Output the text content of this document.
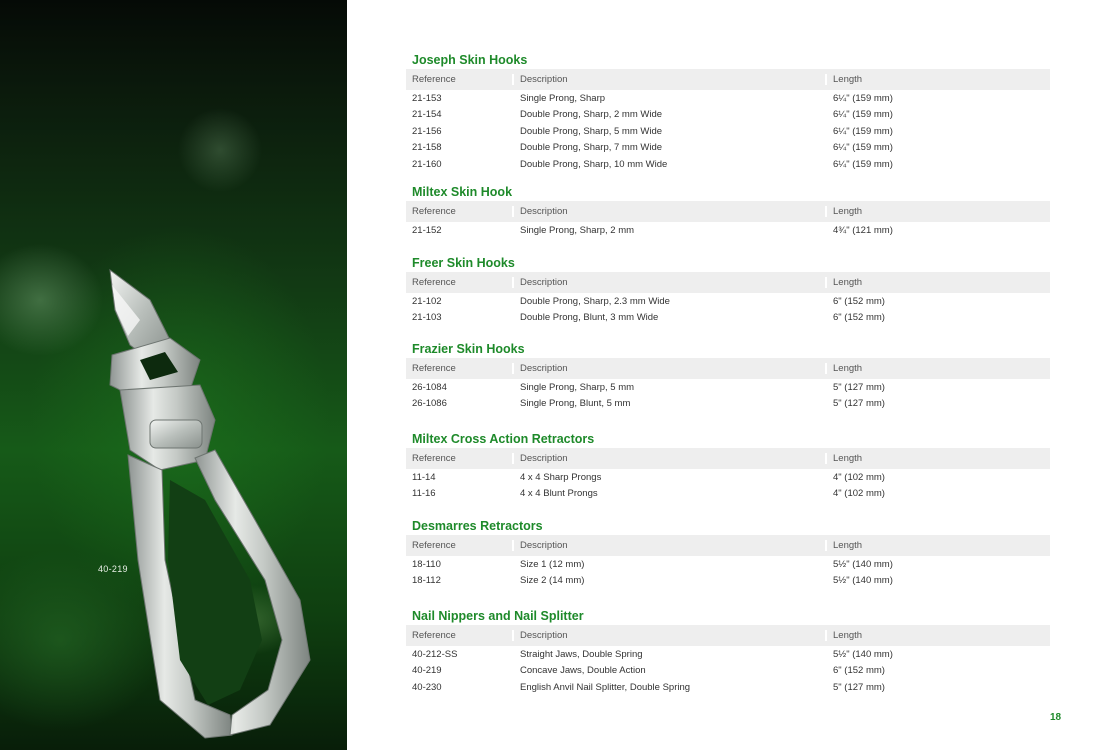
40-219
Joseph Skin Hooks
Reference	Description	Length
21-153	Single Prong, Sharp	6¼" (159 mm)
21-154	Double Prong, Sharp, 2 mm Wide	6¼" (159 mm)
21-156	Double Prong, Sharp, 5 mm Wide	6¼" (159 mm)
21-158	Double Prong, Sharp, 7 mm Wide	6¼" (159 mm)
21-160	Double Prong, Sharp, 10 mm Wide	6¼" (159 mm)
Miltex Skin Hook
Reference	Description	Length
21-152	Single Prong, Sharp, 2 mm	4¾" (121 mm)
Freer Skin Hooks
Reference	Description	Length
21-102	Double Prong, Sharp, 2.3 mm Wide	6" (152 mm)
21-103	Double Prong, Blunt, 3 mm Wide	6" (152 mm)
Frazier Skin Hooks
Reference	Description	Length
26-1084	Single Prong, Sharp, 5 mm	5" (127 mm)
26-1086	Single Prong, Blunt, 5 mm	5" (127 mm)
Miltex Cross Action Retractors
Reference	Description	Length
11-14	4 x 4 Sharp Prongs	4" (102 mm)
11-16	4 x 4 Blunt Prongs	4" (102 mm)
Desmarres Retractors
Reference	Description	Length
18-110	Size 1 (12 mm)	5½" (140 mm)
18-112	Size 2 (14 mm)	5½" (140 mm)
Nail Nippers and Nail Splitter
Reference	Description	Length
40-212-SS	Straight Jaws, Double Spring	5½" (140 mm)
40-219	Concave Jaws, Double Action	6" (152 mm)
40-230	English Anvil Nail Splitter, Double Spring	5" (127 mm)
18
